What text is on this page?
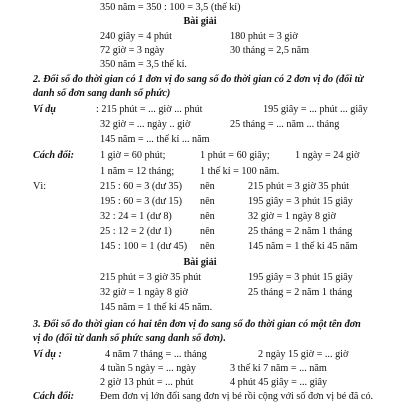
350 năm = 350 : 100 = 3,5 (thế kỉ)
Bài giải
240 giây = 4 phút	180 phút = 3 giờ
72 giờ = 3 ngày	30 tháng = 2,5 năm
350 năm = 3,5 thế kỉ.
2. Đổi số đo thời gian có 1 đơn vị đo sang số đo thời gian có 2 đơn vị đo (đổi từ
danh số đơn sang danh số phức)
Ví dụ	: 215 phút = ... giờ ... phút	195 giây = ... phút ... giây
32 giờ = ... ngày .. giờ	25 tháng = ... năm ... tháng
145 năm = ... thế kỉ ... năm
Cách đổi:	1 giờ = 60 phút;	1 phút = 60 giây; 1 ngày = 24 giờ
1 năm = 12 tháng;	1 thế kỉ = 100 năm.
Vì:	215 : 60 = 3 (dư 35) nên	215 phút = 3 giờ 35 phút
195 : 60 = 3 (dư 15) nên	195 giây = 3 phút 15 giây
32 : 24 = 1 (dư 8)	nên	32 giờ = 1 ngày 8 giờ
25 : 12 = 2 (dư 1)	nên	25 tháng = 2 năm 1 tháng
145 : 100 = 1 (dư 45) nên	145 năm = 1 thế kỉ 45 năm
Bài giải
215 phút = 3 giờ 35 phút	195 giây = 3 phút 15 giây
32 giờ = 1 ngày 8 giờ	25 tháng = 2 năm 1 tháng
145 năm = 1 thế kỉ 45 năm.
3. Đổi số đo thời gian có hai tên đơn vị đo sang số đo thời gian có một tên đơn
vị đo (đổi từ danh số phức sang danh số đơn).
Ví dụ :	4 năm 7 tháng = ... tháng	2 ngày 15 giờ = ... giờ
4 tuần 5 ngày = ... ngày	3 thế kỉ 7 năm = ... năm
2 giờ 13 phút = ... phút	4 phút 45 giây = ... giây
Cách đổi:	Đem đơn vị lớn đổi sang đơn vị bé rồi cộng với số đơn vị bé đã có.
